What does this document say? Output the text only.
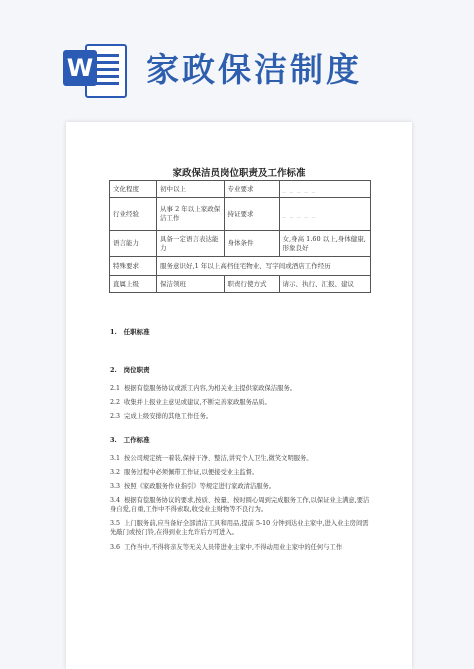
W 家政保洁制度
家政保洁员岗位职责及工作标准
文化程度	初中以上	专业要求	_ _ _ _ _
行业经验	从事 2 年以上家政保洁工作	持证要求	_ _ _ _ _
语言能力	具备一定语言表达能力	身体条件	女,身高 1.60 以上,身体健康,形象良好
特殊要求	服务意识好,1 年以上高档住宅物业、写字间或酒店工作经历		
直属上级	保洁领班	职责行使方式	请示、执行、汇报、建议
1.   任职标准
2.   岗位职责
2.1  根据有偿服务协议或派工内容,为相关业主提供家政保洁服务。
2.2  收集并上报业主意见或建议,不断完善家政服务品质。
2.3  完成上级安排的其他工作任务。
3.   工作标准
3.1  按公司规定统一着装,保持干净、整洁,讲究个人卫生,微笑文明服务。
3.2  服务过程中必须佩带工作证,以便接受业主监督。
3.3  按照《家政服务作业指引》等规定进行家政清洁服务。
3.4  根据有偿服务协议的要求,按质、按量、按时圆心周到完成服务工作,以保证业主满意,要洁身自爱,自重,工作中不得索取,收受业主财物等不良行为。
3.5  上门服务前,应当备好全部清洁工具和用品,提前 5-10 分钟到达业主家中,进入业主房间需先敲门或按门铃,在得到业主允许后方可进入。
3.6  工作当中,不得将亲友等无关人员带进业主家中,不得动用业主家中的任何与工作
